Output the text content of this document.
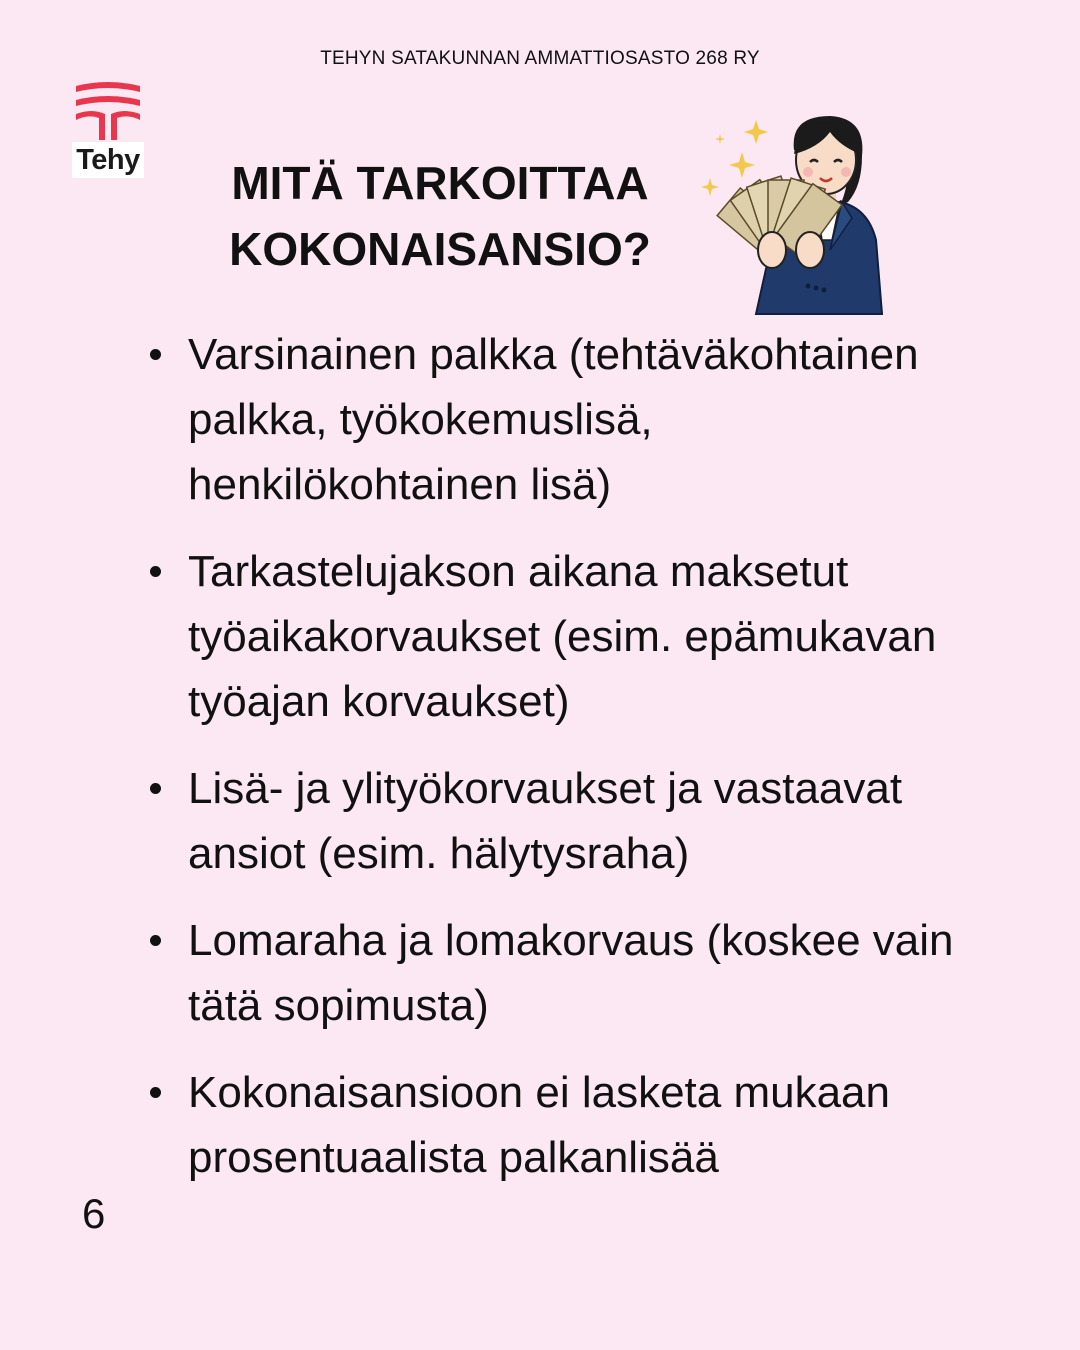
TEHYN SATAKUNNAN AMMATTIOSASTO 268 RY
Tehy	MITÄ TARKOITTAA
KOKONAISANSIO?
Varsinainen palkka (tehtäväkohtainen palkka, työkokemuslisä, henkilökohtainen lisä)
Tarkastelujakson aikana maksetut työaikakorvaukset (esim. epämukavan työajan korvaukset)
Lisä- ja ylityökorvaukset ja vastaavat ansiot (esim. hälytysraha)
Lomaraha ja lomakorvaus (koskee vain tätä sopimusta)
Kokonaisansioon ei lasketa mukaan prosentuaalista palkanlisää
6
